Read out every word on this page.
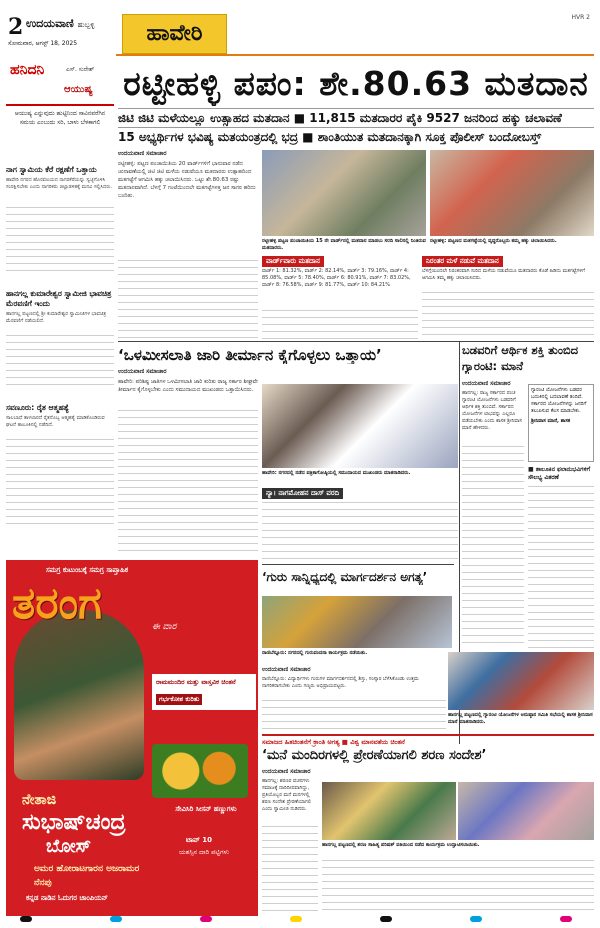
2 ಉದಯವಾಣಿ ಹುಬ್ಬಳ್ಳಿ
ಸೋಮವಾರ, ಆಗಸ್ಟ್ 18, 2025	ಹಾವೇರಿ
HVR 2
ಹನಿದನಿ	ಎಸ್. ಸುರೇಶ್
ಆಯುಷ್ಯ
ಆಯುಷ್ಯ ಎನ್ನುವುದು ಹುಟ್ಟಿನಿಂದ ಸಾವಿನವರೆಗಿನ ಸಮಯ ಎಂಬುದು ಸರಿ, ಬಾಳು ಬೆಳಕಾಗಲಿ
ನಾಗ ಸ್ವಾಮಿಯ ಕೆರೆ ರಕ್ಷಣೆಗೆ ಒತ್ತಾಯ
ಹಾವೇರಿ ನಗರದ ಹೊರವಲಯದ ನಾಗರಕೆರೆಯನ್ನು ಸ್ವಚ್ಛಗೊಳಿಸಿ ಸಂರಕ್ಷಿಸಬೇಕು ಎಂದು ನಾಗರಿಕರು ಜಿಲ್ಲಾಡಳಿತಕ್ಕೆ ಮನವಿ ಸಲ್ಲಿಸಿದರು.
ಹಾನಗಲ್ಲ ಕುಮಾರೇಶ್ವರ ಸ್ವಾಮೀಜಿ ಭಾವಚಿತ್ರ ಮೆರವಣಿಗೆ ಇಂದು
ಹಾನಗಲ್ಲ ಪಟ್ಟಣದಲ್ಲಿ ಶ್ರೀ ಕುಮಾರೇಶ್ವರ ಸ್ವಾಮೀಜಿಗಳ ಭಾವಚಿತ್ರ ಮೆರವಣಿಗೆ ನಡೆಯಲಿದೆ.
ಸವಣೂರು: ರೈತ ಆತ್ಮಹತ್ಯೆ
ಸಾಲಬಾಧೆ ತಾಳಲಾರದೆ ರೈತನೊಬ್ಬ ಆತ್ಮಹತ್ಯೆ ಮಾಡಿಕೊಂಡಿರುವ ಘಟನೆ ತಾಲೂಕಿನಲ್ಲಿ ನಡೆದಿದೆ.
ರಟ್ಟೀಹಳ್ಳಿ ಪಪಂ: ಶೇ.80.63 ಮತದಾನ
ಜಿಟಿ ಜಿಟಿ ಮಳೆಯಲ್ಲೂ ಉತ್ಸಾಹದ ಮತದಾನ ■ 11,815 ಮತದಾರರ ಪೈಕಿ 9527 ಜನರಿಂದ ಹಕ್ಕು ಚಲಾವಣೆ
15 ಅಭ್ಯರ್ಥಿಗಳ ಭವಿಷ್ಯ ಮತಯಂತ್ರದಲ್ಲಿ ಭದ್ರ ■ ಶಾಂತಿಯುತ ಮತದಾನಕ್ಕಾಗಿ ಸೂಕ್ತ ಪೊಲೀಸ್ ಬಂದೋಬಸ್ತ್
ಉದಯವಾಣಿ ಸಮಾಚಾರ
ರಟ್ಟೀಹಳ್ಳಿ: ಪಟ್ಟಣ ಪಂಚಾಯಿತಿಯ 20 ವಾರ್ಡ್‌ಗಳಿಗೆ ಭಾನುವಾರ ನಡೆದ ಚುನಾವಣೆಯಲ್ಲಿ ಜಿಟಿ ಜಿಟಿ ಮಳೆಯ ನಡುವೆಯೂ ಮತದಾರರು ಉತ್ಸಾಹದಿಂದ ಮತಗಟ್ಟೆಗೆ ಆಗಮಿಸಿ ಹಕ್ಕು ಚಲಾಯಿಸಿದರು. ಒಟ್ಟು ಶೇ.80.63 ರಷ್ಟು ಮತದಾನವಾಗಿದೆ. ಬೆಳಗ್ಗೆ 7 ಗಂಟೆಯಿಂದಲೇ ಮತಗಟ್ಟೆಗಳತ್ತ ಜನ ಸಾಗರ ಹರಿದು ಬಂದಿತು.
ರಟ್ಟೀಹಳ್ಳಿ ಪಟ್ಟಣ ಪಂಚಾಯಿತಿಯ 15 ನೇ ವಾರ್ಡ್‌ನಲ್ಲಿ ಮತದಾನ ಮಾಡಲು ಸರದಿ ಸಾಲಿನಲ್ಲಿ ನಿಂತಿರುವ ಮತದಾರರು.
ರಟ್ಟೀಹಳ್ಳಿ: ಪಟ್ಟಣದ ಮತಗಟ್ಟೆಯಲ್ಲಿ ವೃದ್ಧರೊಬ್ಬರು ತಮ್ಮ ಹಕ್ಕು ಚಲಾಯಿಸಿದರು.
ವಾರ್ಡ್‌ವಾರು ಮತದಾನ
ವಾರ್ಡ್ 1: 81.32%, ವಾರ್ಡ್ 2: 82.14%, ವಾರ್ಡ್ 3: 79.16%, ವಾರ್ಡ್ 4: 85.08%, ವಾರ್ಡ್ 5: 78.40%, ವಾರ್ಡ್ 6: 80.91%, ವಾರ್ಡ್ 7: 83.02%, ವಾರ್ಡ್ 8: 76.58%, ವಾರ್ಡ್ 9: 81.77%, ವಾರ್ಡ್ 10: 84.21%
ನಿರಂತರ ಮಳೆ ನಡುವೆ ಮತದಾನ
ಬೆಳಗ್ಗೆಯಿಂದಲೇ ನಿರಂತರವಾಗಿ ಸುರಿದ ಮಳೆಯ ನಡುವೆಯೂ ಮತದಾರರು ಕೊಡೆ ಹಿಡಿದು ಮತಗಟ್ಟೆಗಳಿಗೆ ಆಗಮಿಸಿ ತಮ್ಮ ಹಕ್ಕು ಚಲಾಯಿಸಿದರು.
‘ಒಳಮೀಸಲಾತಿ ಜಾರಿ ತೀರ್ಮಾನ ಕೈಗೊಳ್ಳಲು ಒತ್ತಾಯ’
ಉದಯವಾಣಿ ಸಮಾಚಾರ
ಹಾವೇರಿ: ಪರಿಶಿಷ್ಟ ಜಾತಿಗಳ ಒಳಮೀಸಲಾತಿ ಜಾರಿ ಕುರಿತು ರಾಜ್ಯ ಸರ್ಕಾರ ಶೀಘ್ರವೇ ತೀರ್ಮಾನ ಕೈಗೊಳ್ಳಬೇಕು ಎಂದು ಸಮುದಾಯದ ಮುಖಂಡರು ಒತ್ತಾಯಿಸಿದರು.
ಹಾವೇರಿ: ನಗರದಲ್ಲಿ ನಡೆದ ಪತ್ರಿಕಾಗೋಷ್ಠಿಯಲ್ಲಿ ಸಮುದಾಯದ ಮುಖಂಡರು ಮಾತನಾಡಿದರು.
ನ್ಯಾ। ನಾಗಮೋಹನ ದಾಸ್ ವರದಿ
ಬಡವರಿಗೆ ಆರ್ಥಿಕ ಶಕ್ತಿ ತುಂಬಿದ ಗ್ಯಾರಂಟಿ: ಮಾನೆ
ಉದಯವಾಣಿ ಸಮಾಚಾರ
ಹಾನಗಲ್ಲ: ರಾಜ್ಯ ಸರ್ಕಾರದ ಪಂಚ ಗ್ಯಾರಂಟಿ ಯೋಜನೆಗಳು ಬಡವರಿಗೆ ಆರ್ಥಿಕ ಶಕ್ತಿ ತುಂಬಿವೆ. ಸರ್ಕಾರದ ಯೋಜನೆಗಳ ಲಾಭವನ್ನು ಎಲ್ಲರೂ ಪಡೆಯಬೇಕು ಎಂದು ಶಾಸಕ ಶ್ರೀನಿವಾಸ ಮಾನೆ ಹೇಳಿದರು.
ಗ್ಯಾರಂಟಿ ಯೋಜನೆಗಳು ಬಡವರ ಬದುಕಿನಲ್ಲಿ ಬದಲಾವಣೆ ತಂದಿವೆ. ಸರ್ಕಾರದ ಯೋಜನೆಗಳನ್ನು ಜನರಿಗೆ ತಲುಪಿಸುವ ಕೆಲಸ ಮಾಡಬೇಕು.
ಶ್ರೀನಿವಾಸ ಮಾನೆ, ಶಾಸಕ
■ ತಾಲೂಕಿನ ಫಲಾನುಭವಿಗಳಿಗೆ ಸೌಲಭ್ಯ ವಿತರಣೆ
ಹಾನಗಲ್ಲ ಪಟ್ಟಣದಲ್ಲಿ ಗ್ಯಾರಂಟಿ ಯೋಜನೆಗಳ ಅನುಷ್ಠಾನ ಸಮಿತಿ ಸಭೆಯಲ್ಲಿ ಶಾಸಕ ಶ್ರೀನಿವಾಸ ಮಾನೆ ಮಾತನಾಡಿದರು.
‘ಗುರು ಸಾನ್ನಿಧ್ಯದಲ್ಲಿ ಮಾರ್ಗದರ್ಶನ ಅಗತ್ಯ’
ರಾಣಿಬೆನ್ನೂರು: ನಗರದಲ್ಲಿ ಗುರುವಂದನಾ ಕಾರ್ಯಕ್ರಮ ನಡೆಯಿತು.
ಉದಯವಾಣಿ ಸಮಾಚಾರ
ರಾಣಿಬೆನ್ನೂರು: ವಿದ್ಯಾರ್ಥಿಗಳು ಗುರುಗಳ ಮಾರ್ಗದರ್ಶನದಲ್ಲಿ ಶಿಸ್ತು, ಸಂಸ್ಕಾರ ಬೆಳೆಸಿಕೊಂಡು ಉತ್ತಮ ನಾಗರಿಕರಾಗಬೇಕು ಎಂದು ಗಣ್ಯರು ಅಭಿಪ್ರಾಯಪಟ್ಟರು.
ಸಮಾಜದ ಹಿತಚಿಂತನೆಗೆ ಕ್ರಾಂತಿ ಅಗತ್ಯ ■ ವಿಶ್ವ ಮಾನವತೆಯ ಚಿಂತನೆ
‘ಮನೆ ಮಂದಿರಗಳಲ್ಲಿ ಪ್ರೇರಣೆಯಾಗಲಿ ಶರಣ ಸಂದೇಶ’
ಉದಯವಾಣಿ ಸಮಾಚಾರ
ಹಾನಗಲ್ಲ: ಶರಣರ ವಚನಗಳು ಸಮಾಜಕ್ಕೆ ದಾರಿದೀಪವಾಗಿದ್ದು, ಪ್ರತಿಯೊಬ್ಬರ ಮನೆ ಮನಗಳಲ್ಲಿ ಶರಣ ಸಂದೇಶ ಪ್ರೇರಣೆಯಾಗಲಿ ಎಂದು ಸ್ವಾಮೀಜಿ ನುಡಿದರು.
ಹಾನಗಲ್ಲ ಪಟ್ಟಣದಲ್ಲಿ ಶರಣ ಸಾಹಿತ್ಯ ಪರಿಷತ್ ವತಿಯಿಂದ ನಡೆದ ಕಾರ್ಯಕ್ರಮ ಉದ್ಘಾಟಿಸಲಾಯಿತು.
ಸಮಗ್ರ ಕುಟುಂಬಕ್ಕೆ ಸಮಗ್ರ ಸಾಪ್ತಾಹಿಕ
ತರಂಗ	ಈ ವಾರ
ರಾಮಮಂದಿರ ಮತ್ತು ವಾಸ್ತವಿಕ ಚಿಂತನೆ
ಗರ್ಭಕೋಶ ಕುರಿತು
ಸೇವಿಸಿರಿ ಸೀಸನ್ ಹಣ್ಣುಗಳು
ಟಾಪ್ 10
ಯಶಸ್ಸಿನ ದಾರಿ ಪಟ್ಟಿಗಳು
ನೇತಾಜಿ
ಸುಭಾಷ್‌ಚಂದ್ರ
ಬೋಸ್
ಅಮರ ಹೋರಾಟಗಾರನ ಅಜರಾಮರ ನೆನಪು
ಕನ್ನಡ ನಾಡಿನ ಓದುಗರ ಚಾಂಪಿಯನ್
